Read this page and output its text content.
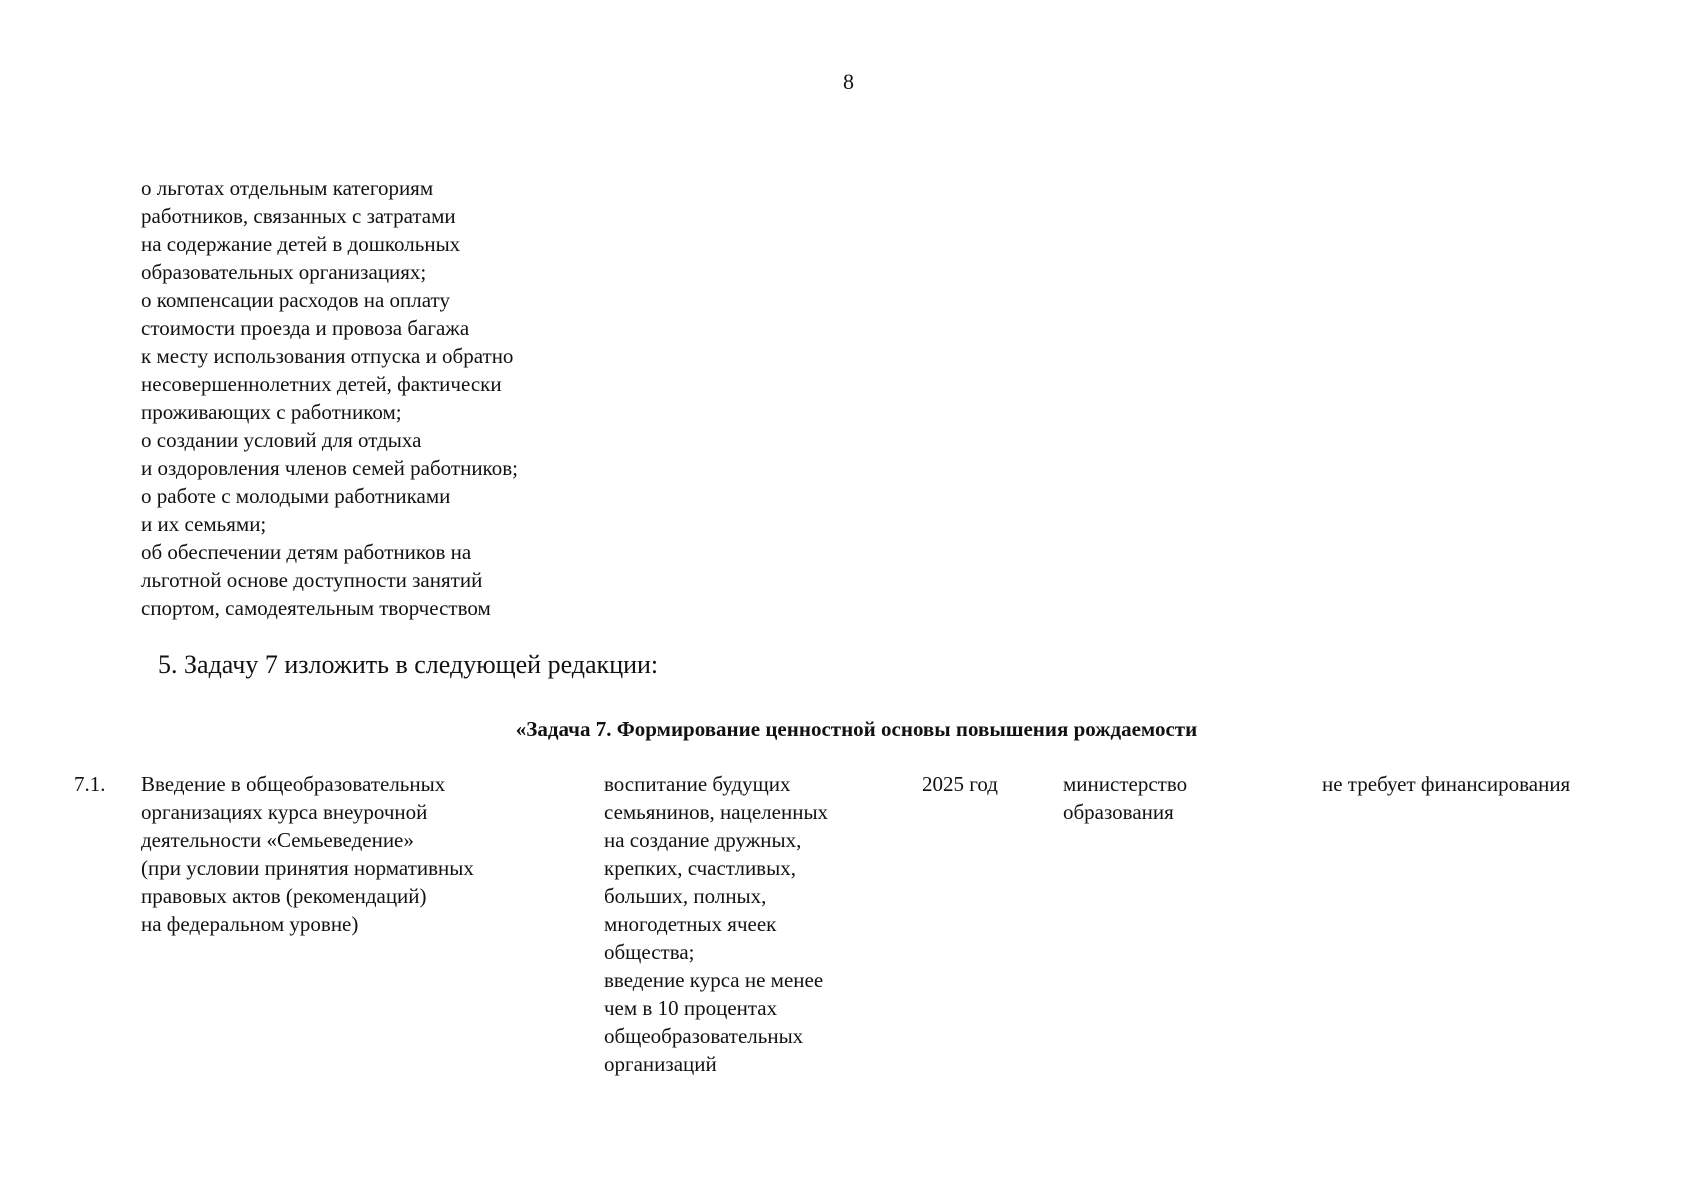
8
о льготах отдельным категориям
работников, связанных с затратами
на содержание детей в дошкольных
образовательных организациях;
о компенсации расходов на оплату
стоимости проезда и провоза багажа
к месту использования отпуска и обратно
несовершеннолетних детей, фактически
проживающих с работником;
о создании условий для отдыха
и оздоровления членов семей работников;
о работе с молодыми работниками
и их семьями;
об обеспечении детям работников на
льготной основе доступности занятий
спортом, самодеятельным творчеством
5. Задачу 7 изложить в следующей редакции:
«Задача 7. Формирование ценностной основы повышения рождаемости
7.1. Введение в общеобразовательных
организациях курса внеурочной
деятельности «Семьеведение»
(при условии принятия нормативных
правовых актов (рекомендаций)
на федеральном уровне)
воспитание будущих
семьянинов, нацеленных
на создание дружных,
крепких, счастливых,
больших, полных,
многодетных ячеек
общества;
введение курса не менее
чем в 10 процентах
общеобразовательных
организаций
2025 год	министерство
образования
не требует финансирования
